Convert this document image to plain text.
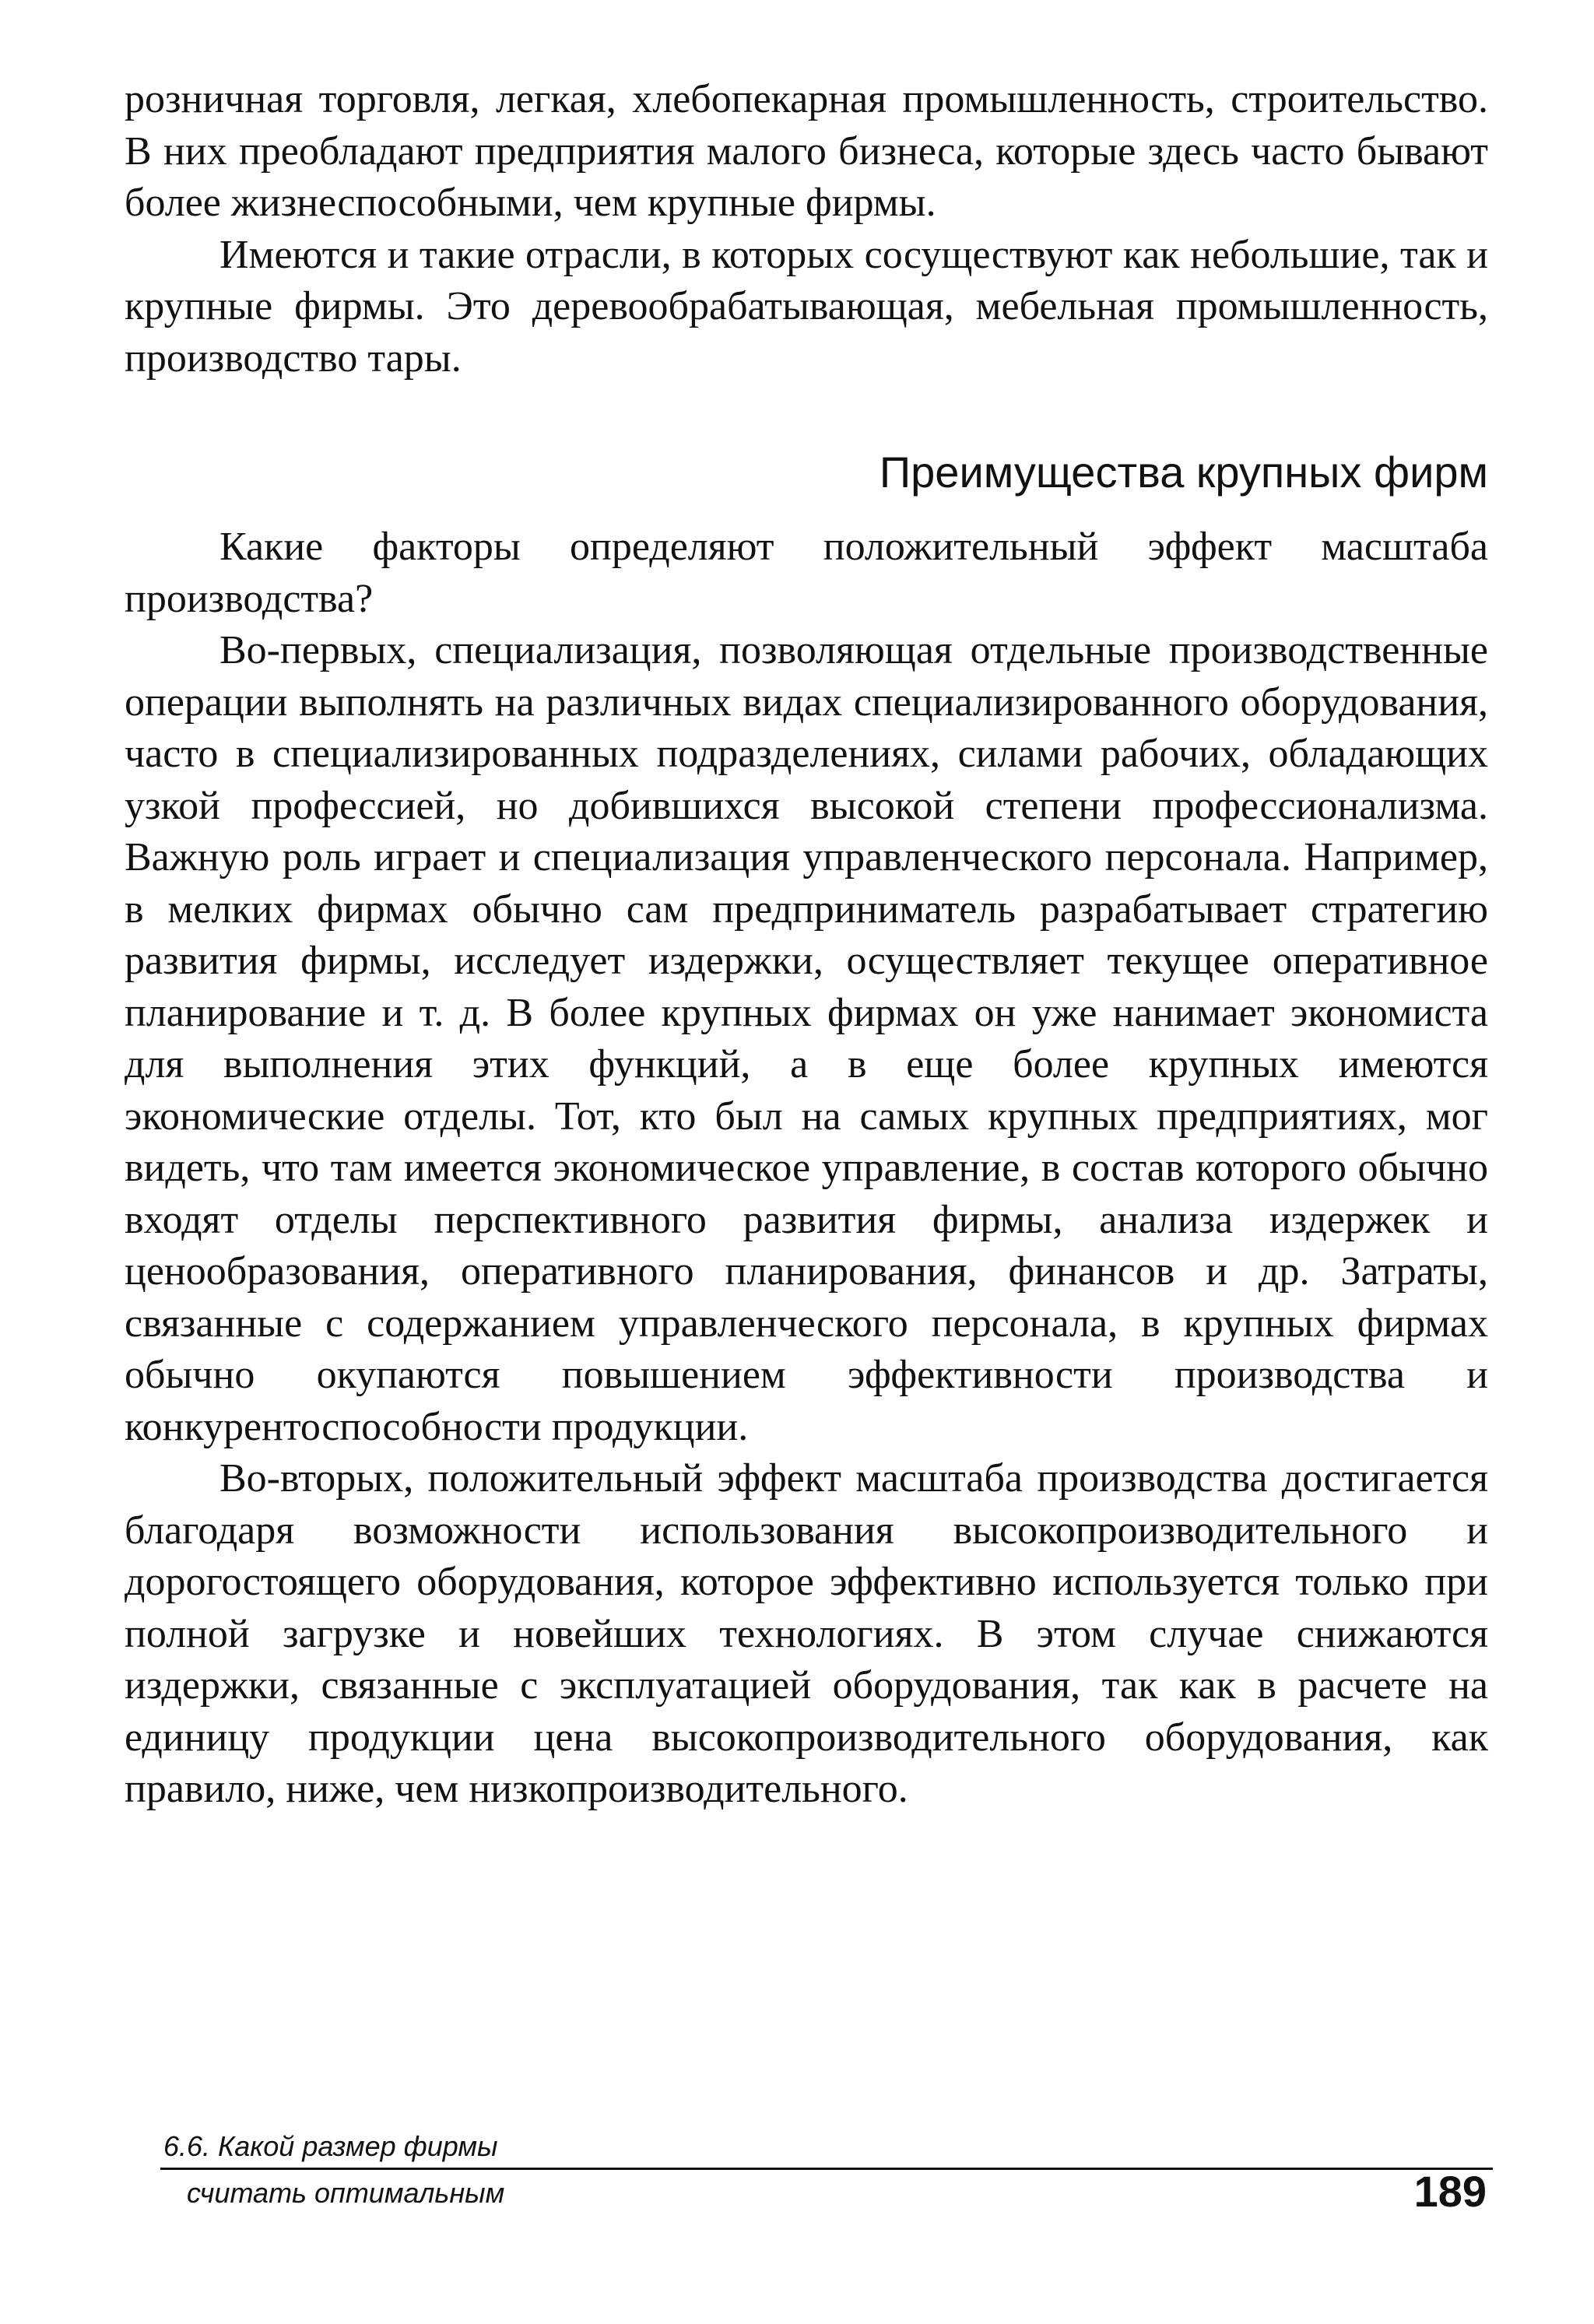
розничная торговля, легкая, хлебопекарная промышленность, строительство. В них преобладают предприятия малого бизнеса, которые здесь часто бывают более жизнеспособными, чем крупные фирмы.

Имеются и такие отрасли, в которых сосуществуют как небольшие, так и крупные фирмы. Это деревообрабатывающая, мебельная промышленность, производство тары.

Преимущества крупных фирм

Какие факторы определяют положительный эффект масштаба производства?

Во-первых, специализация, позволяющая отдельные производственные операции выполнять на различных видах специализированного оборудования, часто в специализированных подразделениях, силами рабочих, обладающих узкой профессией, но добившихся высокой степени профессионализма. Важную роль играет и специализация управленческого персонала. Например, в мелких фирмах обычно сам предприниматель разрабатывает стратегию развития фирмы, исследует издержки, осуществляет текущее оперативное планирование и т. д. В более крупных фирмах он уже нанимает экономиста для выполнения этих функций, а в еще более крупных имеются экономические отделы. Тот, кто был на самых крупных предприятиях, мог видеть, что там имеется экономическое управление, в состав которого обычно входят отделы перспективного развития фирмы, анализа издержек и ценообразования, оперативного планирования, финансов и др. Затраты, связанные с содержанием управленческого персонала, в крупных фирмах обычно окупаются повышением эффективности производства и конкурентоспособности продукции.

Во-вторых, положительный эффект масштаба производства достигается благодаря возможности использования высокопроизводительного и дорогостоящего оборудования, которое эффективно используется только при полной загрузке и новейших технологиях. В этом случае снижаются издержки, связанные с эксплуатацией оборудования, так как в расчете на единицу продукции цена высокопроизводительного оборудования, как правило, ниже, чем низкопроизводительного.

6.6. Какой размер фирмы
считать оптимальным	189
